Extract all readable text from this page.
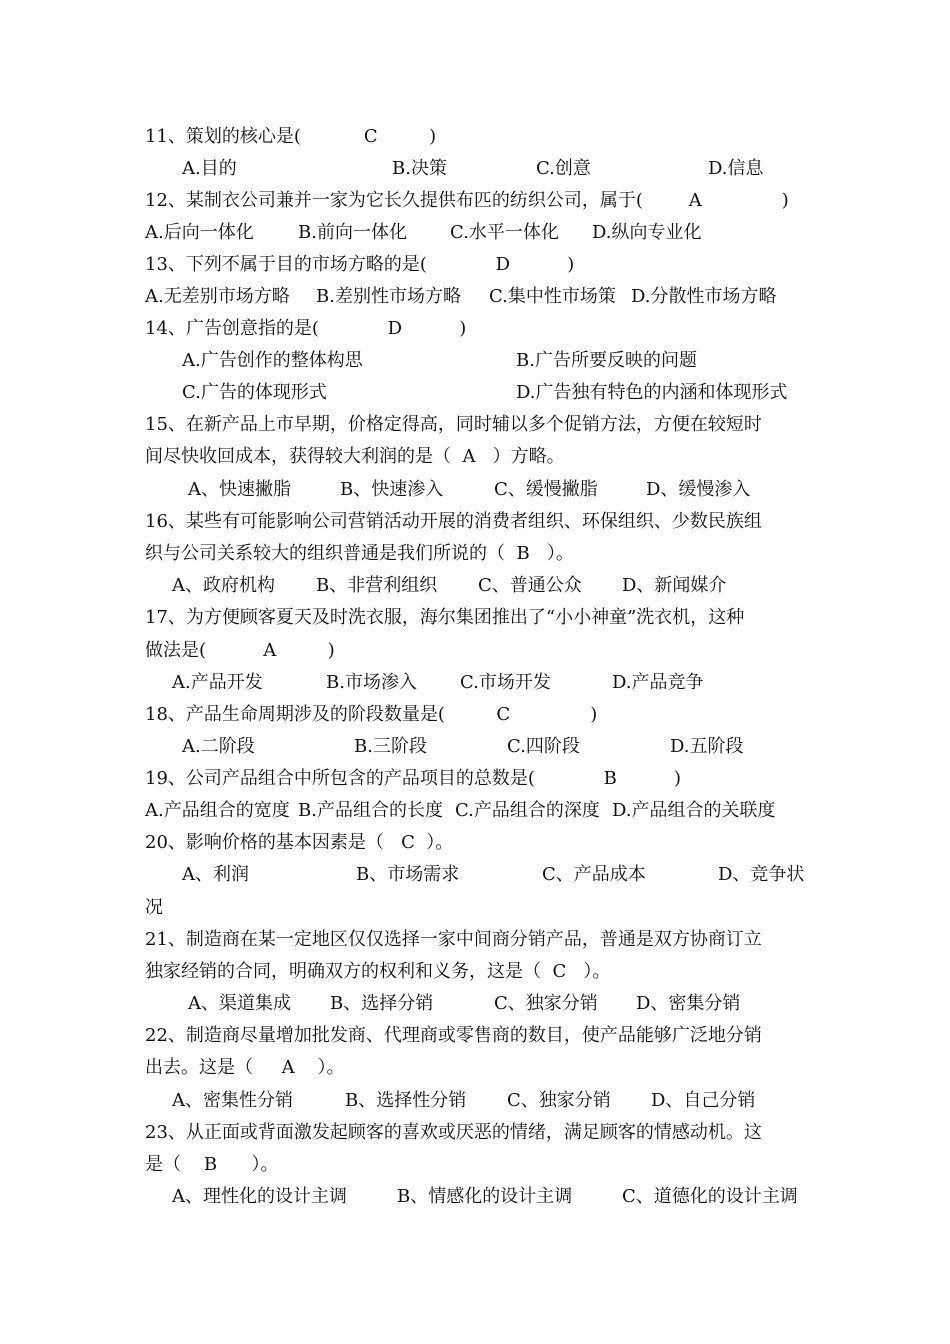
11、策划的核心是(           C         )

A.目的

	B.决策

	C.创意

	D.信息

12、某制衣公司兼并一家为它长久提供布匹的纺织公司，属于(        A              )

A.后向一体化

B.前向一体化

C.水平一体化

D.纵向专业化

13、下列不属于目的市场方略的是(            D          )

A.无差别市场方略

B.差别性市场方略

C.集中性市场策

D.分散性市场方略

14、广告创意指的是(            D          )

A.广告创作的整体构思

	B.广告所要反映的问题

C.广告的体现形式

	D.广告独有特色的内涵和体现形式

15、在新产品上市早期，价格定得高，同时辅以多个促销方法，方便在较短时
间尽快收回成本，获得较大利润的是（  A   ）方略。

A、快速撇脂

	B、快速渗入

	C、缓慢撇脂

	D、缓慢渗入

16、某些有可能影响公司营销活动开展的消费者组织、环保组织、少数民族组
织与公司关系较大的组织普通是我们所说的（  B   ）。

A、政府机构

B、非营利组织

C、普通公众

D、新闻媒介

17、为方便顾客夏天及时洗衣服，海尔集团推出了“小小神童”洗衣机，这种
做法是(          A         )

A.产品开发

	B.市场渗入

C.市场开发

	D.产品竞争

18、产品生命周期涉及的阶段数量是(         C              )

A.二阶段

	B.三阶段

	C.四阶段

	D.五阶段

19、公司产品组合中所包含的产品项目的总数是(            B          )

A.产品组合的宽度

B.产品组合的长度

C.产品组合的深度

D.产品组合的关联度

20、影响价格的基本因素是（   C  ）。

A、利润

	B、市场需求

	C、产品成本

	D、竞争状

况
21、制造商在某一定地区仅仅选择一家中间商分销产品，普通是双方协商订立
独家经销的合同，明确双方的权利和义务，这是（  C   ）。

A、渠道集成

B、选择分销

	C、独家分销

D、密集分销

22、制造商尽量增加批发商、代理商或零售商的数目，使产品能够广泛地分销
出去。这是（     A    ）。

A、密集性分销

	B、选择性分销

C、独家分销

D、自己分销

23、从正面或背面激发起顾客的喜欢或厌恶的情绪，满足顾客的情感动机。这
是（    B      ）。

A、理性化的设计主调

	B、情感化的设计主调

	C、道德化的设计主调
